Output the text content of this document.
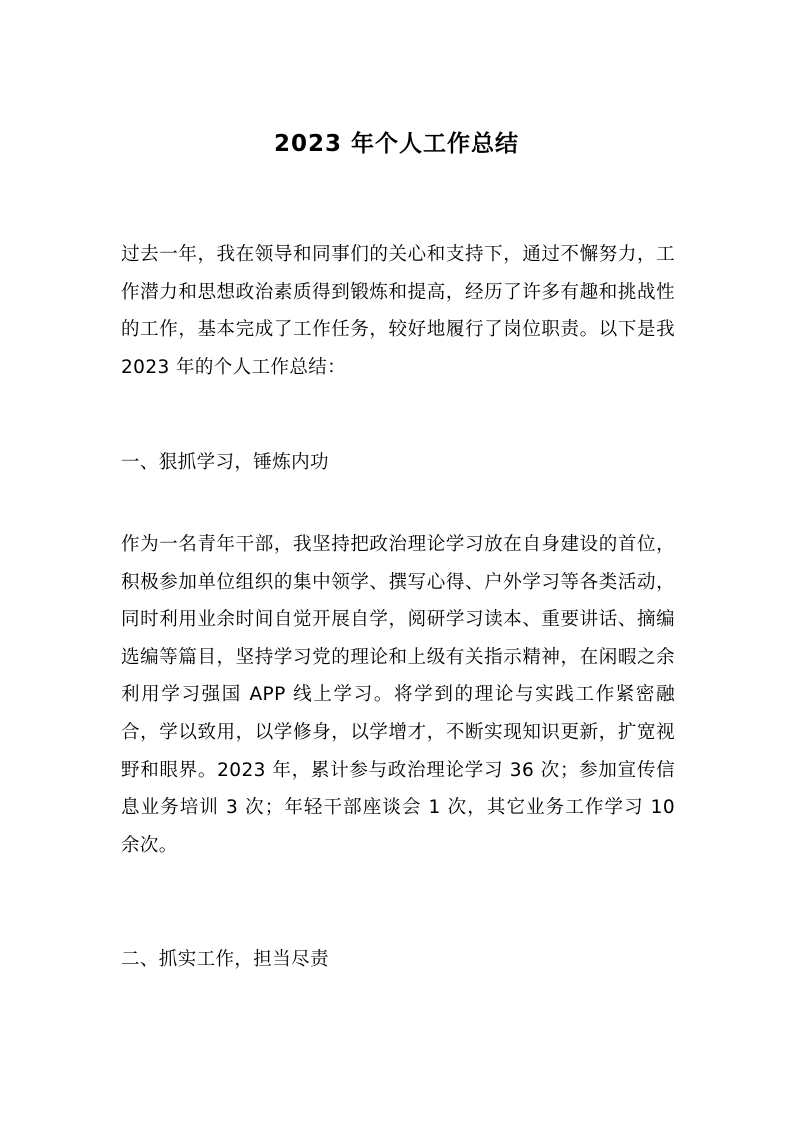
2023 年个人工作总结

过去一年，我在领导和同事们的关心和支持下，通过不懈努力，工作潜力和思想政治素质得到锻炼和提高，经历了许多有趣和挑战性的工作，基本完成了工作任务，较好地履行了岗位职责。以下是我 2023 年的个人工作总结：

一、狠抓学习，锤炼内功

作为一名青年干部，我坚持把政治理论学习放在自身建设的首位，积极参加单位组织的集中领学、撰写心得、户外学习等各类活动，同时利用业余时间自觉开展自学，阅研学习读本、重要讲话、摘编选编等篇目，坚持学习党的理论和上级有关指示精神，在闲暇之余利用学习强国 APP 线上学习。将学到的理论与实践工作紧密融合，学以致用，以学修身，以学增才，不断实现知识更新，扩宽视野和眼界。2023 年，累计参与政治理论学习 36 次；参加宣传信息业务培训 3 次；年轻干部座谈会 1 次，其它业务工作学习 10 余次。

二、抓实工作，担当尽责
